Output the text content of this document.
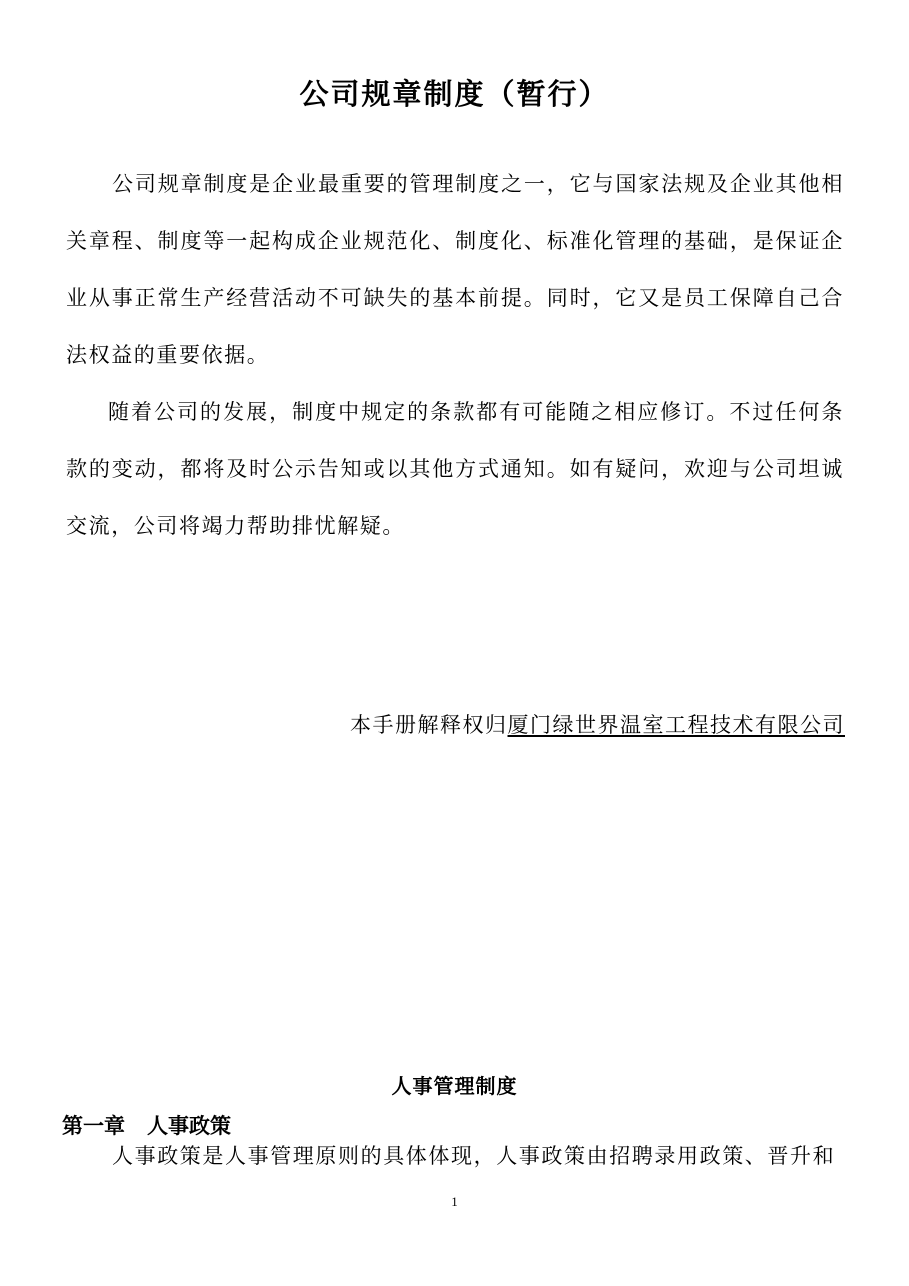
公司规章制度（暂行）

公司规章制度是企业最重要的管理制度之一，它与国家法规及企业其他相关章程、制度等一起构成企业规范化、制度化、标准化管理的基础，是保证企业从事正常生产经营活动不可缺失的基本前提。同时，它又是员工保障自己合法权益的重要依据。

随着公司的发展，制度中规定的条款都有可能随之相应修订。不过任何条款的变动，都将及时公示告知或以其他方式通知。如有疑问，欢迎与公司坦诚交流，公司将竭力帮助排忧解疑。

本手册解释权归厦门绿世界温室工程技术有限公司
人事管理制度
第一章 人事政策
人事政策是人事管理原则的具体体现，人事政策由招聘录用政策、晋升和
1
